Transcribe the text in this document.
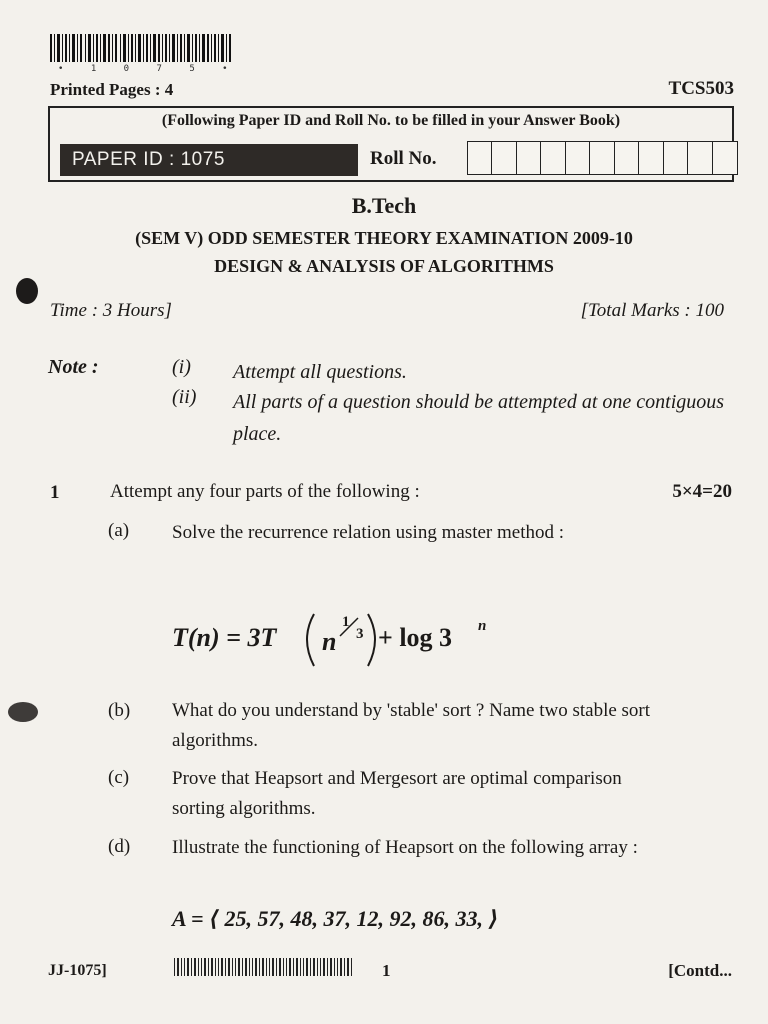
• 1 0 7 5 •
Printed Pages : 4	TCS503
(Following Paper ID and Roll No. to be filled in your Answer Book)
PAPER ID : 1075	Roll No.
B.Tech
(SEM V) ODD SEMESTER THEORY EXAMINATION 2009-10
DESIGN & ANALYSIS OF ALGORITHMS
Time : 3 Hours]	[Total Marks : 100
Note :	(i) Attempt all questions.
(ii) All parts of a question should be attempted at one contiguous place.
1	Attempt any four parts of the following :	5×4=20
(a) Solve the recurrence relation using master method :
T(n) = 3T n
1
3 + log 3 n
(b) What do you understand by 'stable' sort ? Name two stable sort algorithms.
(c) Prove that Heapsort and Mergesort are optimal comparison sorting algorithms.
(d) Illustrate the functioning of Heapsort on the following array :
A = ⟨ 25, 57, 48, 37, 12, 92, 86, 33, ⟩
JJ-1075]	1	[Contd...
